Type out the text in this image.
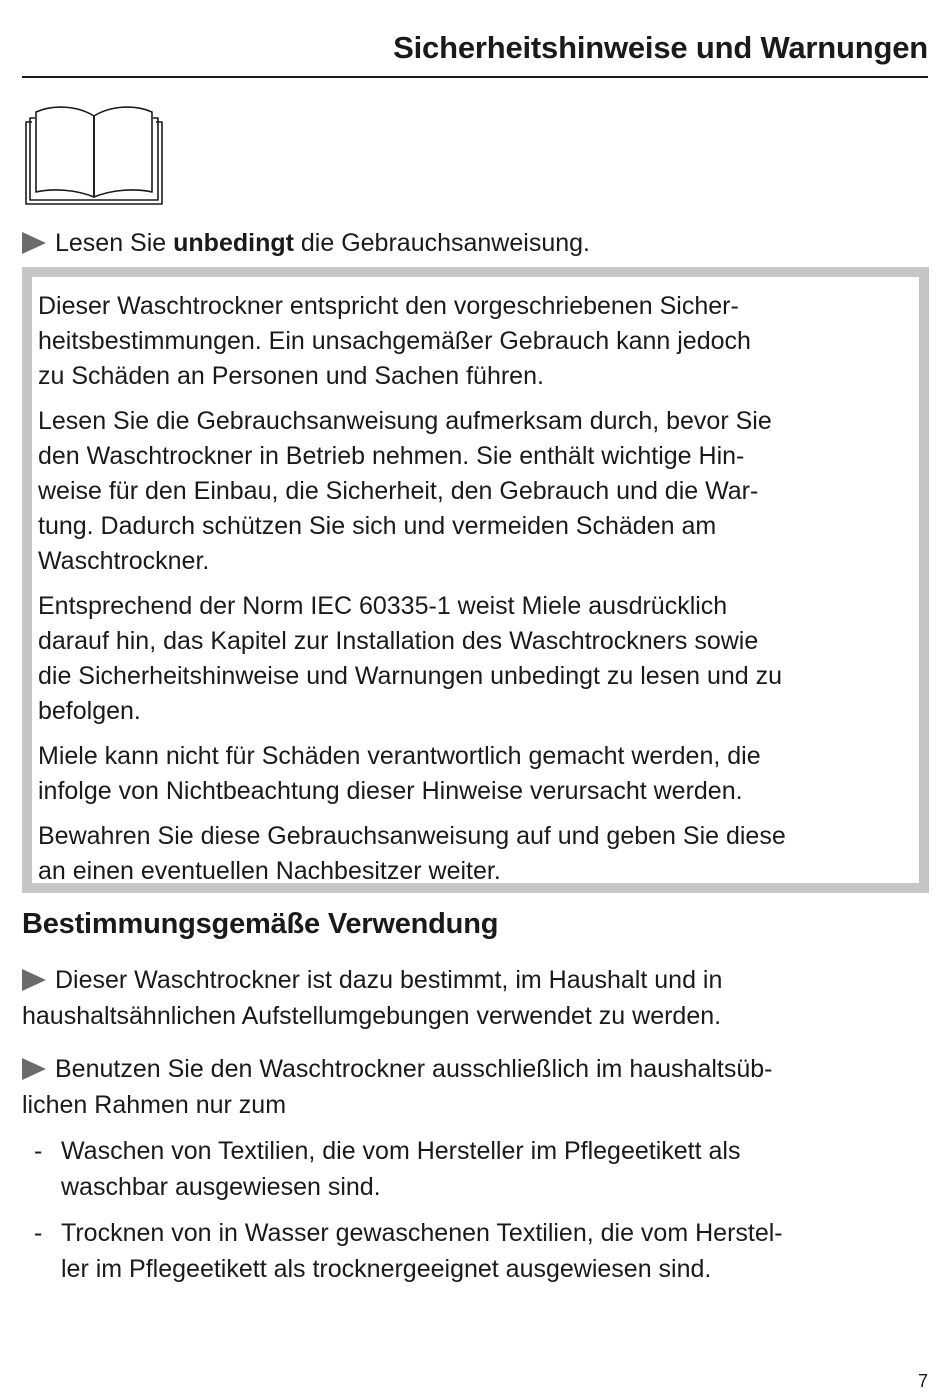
Sicherheitshinweise und Warnungen

Lesen Sie unbedingt die Gebrauchsanweisung.

Dieser Waschtrockner entspricht den vorgeschriebenen Sicher-
heitsbestimmungen. Ein unsachgemäßer Gebrauch kann jedoch
zu Schäden an Personen und Sachen führen.

Lesen Sie die Gebrauchsanweisung aufmerksam durch, bevor Sie
den Waschtrockner in Betrieb nehmen. Sie enthält wichtige Hin-
weise für den Einbau, die Sicherheit, den Gebrauch und die War-
tung. Dadurch schützen Sie sich und vermeiden Schäden am
Waschtrockner.

Entsprechend der Norm IEC 60335-1 weist Miele ausdrücklich
darauf hin, das Kapitel zur Installation des Waschtrockners sowie
die Sicherheitshinweise und Warnungen unbedingt zu lesen und zu
befolgen.

Miele kann nicht für Schäden verantwortlich gemacht werden, die
infolge von Nichtbeachtung dieser Hinweise verursacht werden.

Bewahren Sie diese Gebrauchsanweisung auf und geben Sie diese
an einen eventuellen Nachbesitzer weiter.

Bestimmungsgemäße Verwendung

Dieser Waschtrockner ist dazu bestimmt, im Haushalt und in
haushaltsähnlichen Aufstellumgebungen verwendet zu werden.

Benutzen Sie den Waschtrockner ausschließlich im haushaltsüb-
lichen Rahmen nur zum

- Waschen von Textilien, die vom Hersteller im Pflegeetikett als
waschbar ausgewiesen sind.
- Trocknen von in Wasser gewaschenen Textilien, die vom Herstel-
ler im Pflegeetikett als trocknergeeignet ausgewiesen sind.
7
